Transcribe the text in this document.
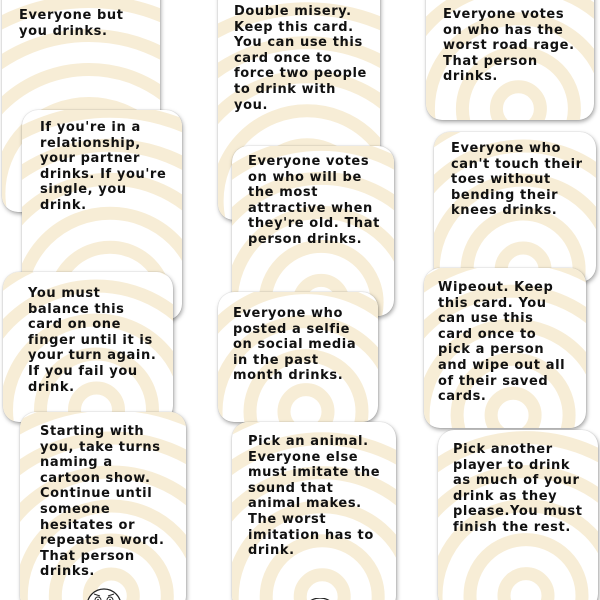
Everyone but
you drinks.

If you're in a
relationship,
your partner
drinks. If you're
single, you
drink.

You must
balance this
card on one
finger until it is
your turn again.
If you fail you
drink.

Starting with
you, take turns
naming a
cartoon show.
Continue until
someone
hesitates or
repeats a word.
That person
drinks.

Double misery.
Keep this card.
You can use this
card once to
force two people
to drink with
you.

Everyone votes
on who will be
the most
attractive when
they're old. That
person drinks.

Everyone who
posted a selfie
on social media
in the past
month drinks.

Pick an animal.
Everyone else
must imitate the
sound that
animal makes.
The worst
imitation has to
drink.

Everyone votes
on who has the
worst road rage.
That person
drinks.

Everyone who
can't touch their
toes without
bending their
knees drinks.

Wipeout. Keep
this card. You
can use this
card once to
pick a person
and wipe out all
of their saved
cards.

Pick another
player to drink
as much of your
drink as they
please.You must
finish the rest.
